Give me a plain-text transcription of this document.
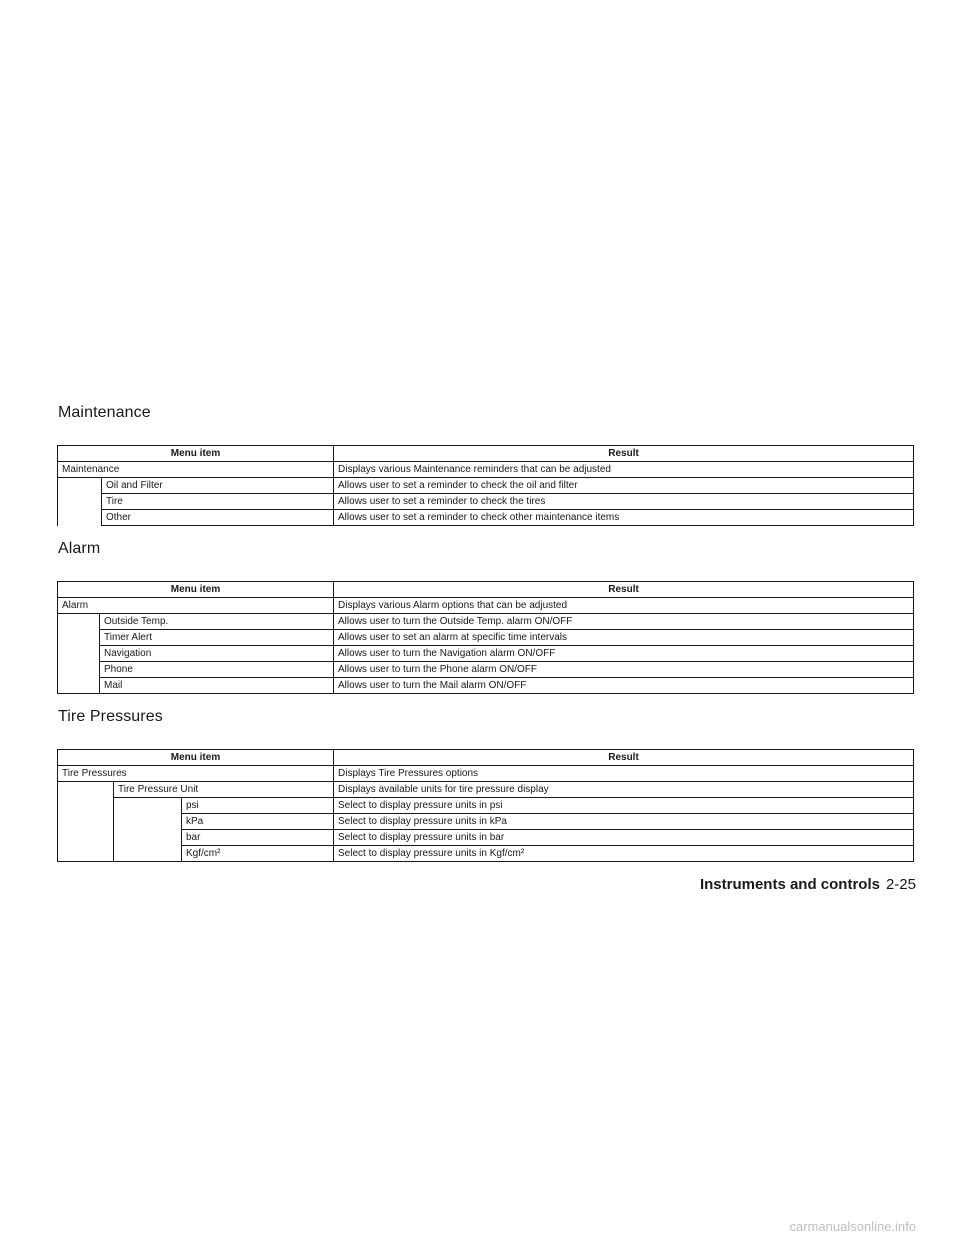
Maintenance
Menu item		Result
Maintenance		Displays various Maintenance reminders that can be adjusted
	Oil and Filter	Allows user to set a reminder to check the oil and filter
	Tire	Allows user to set a reminder to check the tires
	Other	Allows user to set a reminder to check other maintenance items
Alarm
Menu item		Result
Alarm		Displays various Alarm options that can be adjusted
	Outside Temp.	Allows user to turn the Outside Temp. alarm ON/OFF
	Timer Alert	Allows user to set an alarm at specific time intervals
	Navigation	Allows user to turn the Navigation alarm ON/OFF
	Phone	Allows user to turn the Phone alarm ON/OFF
	Mail	Allows user to turn the Mail alarm ON/OFF
Tire Pressures
Menu item			Result
Tire Pressures			Displays Tire Pressures options
	Tire Pressure Unit		Displays available units for tire pressure display
		psi	Select to display pressure units in psi
		kPa	Select to display pressure units in kPa
		bar	Select to display pressure units in bar
		Kgf/cm²	Select to display pressure units in Kgf/cm²
Instruments and controls 2-25
carmanualsonline.info
